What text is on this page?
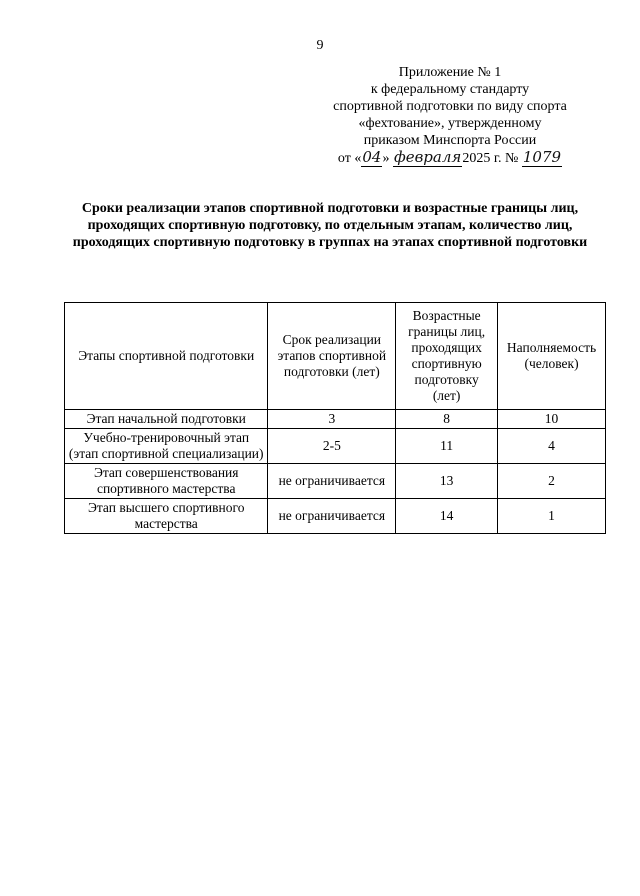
9
Приложение № 1
к федеральному стандарту
спортивной подготовки по виду спорта
«фехтование», утвержденному
приказом Минспорта России
от «04» февраля2025 г. № 1079
Сроки реализации этапов спортивной подготовки и возрастные границы лиц, проходящих спортивную подготовку, по отдельным этапам, количество лиц, проходящих спортивную подготовку в группах на этапах спортивной подготовки
Этапы спортивной подготовки	Срок реализации этапов спортивной подготовки (лет)	Возрастные границы лиц, проходящих спортивную подготовку (лет)	Наполняемость (человек)
Этап начальной подготовки	3	8	10
Учебно-тренировочный этап (этап спортивной специализации)	2-5	11	4
Этап совершенствования спортивного мастерства	не ограничивается	13	2
Этап высшего спортивного мастерства	не ограничивается	14	1
